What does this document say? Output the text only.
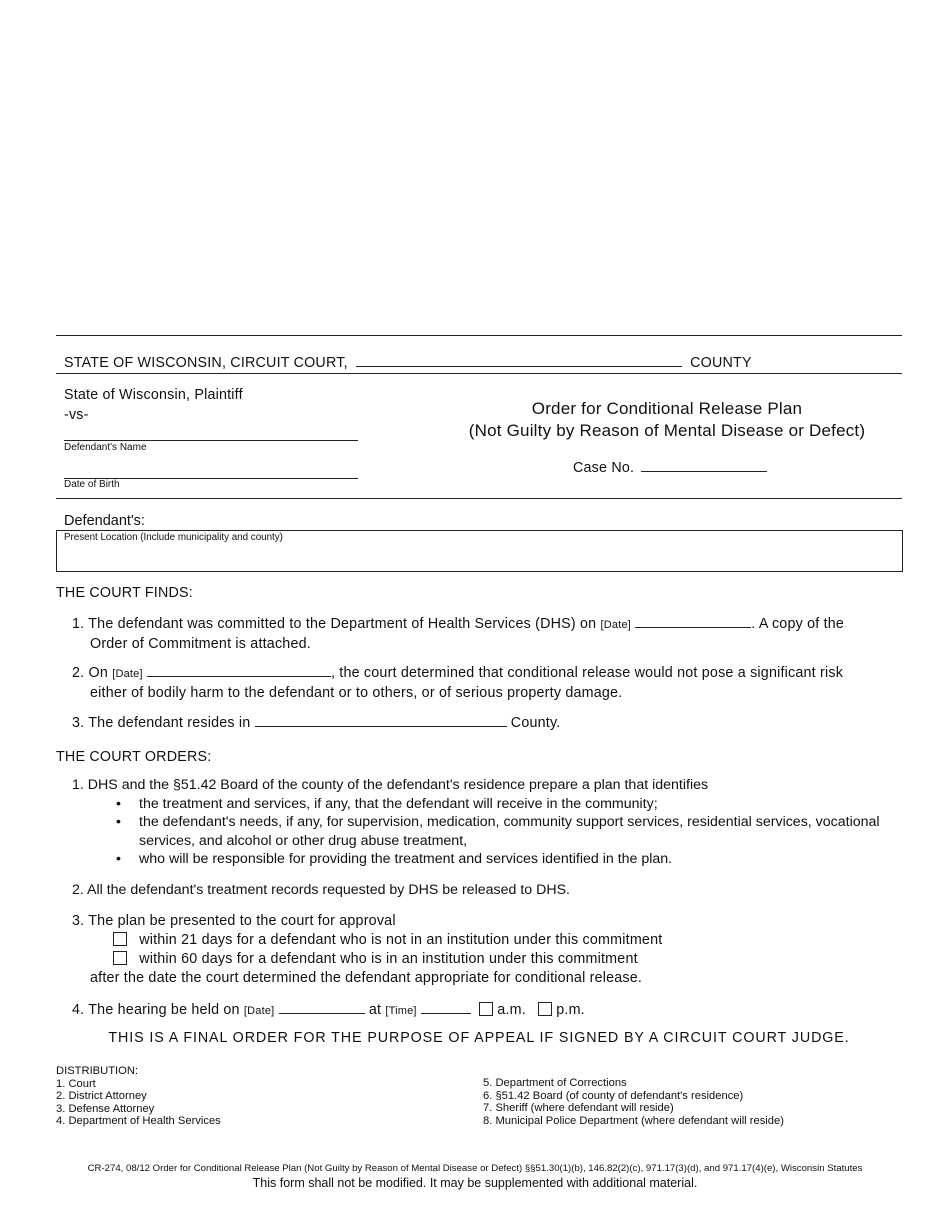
STATE OF WISCONSIN, CIRCUIT COURT,	COUNTY
State of Wisconsin, Plaintiff
-vs-
Defendant's Name
Date of Birth
Order for Conditional Release Plan
(Not Guilty by Reason of Mental Disease or Defect)
Case No.
Defendant's:
Present Location (Include municipality and county)
THE COURT FINDS:
1. The defendant was committed to the Department of Health Services (DHS) on [Date]	. A copy of the
Order of Commitment is attached.
2. On [Date]	, the court determined that conditional release would not pose a significant risk
either of bodily harm to the defendant or to others, or of serious property damage.
3. The defendant resides in	County.
THE COURT ORDERS:
1. DHS and the §51.42 Board of the county of the defendant's residence prepare a plan that identifies
• the treatment and services, if any, that the defendant will receive in the community;
• the defendant's needs, if any, for supervision, medication, community support services, residential services, vocational services, and alcohol or other drug abuse treatment,
• who will be responsible for providing the treatment and services identified in the plan.
2. All the defendant's treatment records requested by DHS be released to DHS.
3. The plan be presented to the court for approval
within 21 days for a defendant who is not in an institution under this commitment
within 60 days for a defendant who is in an institution under this commitment
after the date the court determined the defendant appropriate for conditional release.
4. The hearing be held on [Date]	at [Time]	a.m. p.m.
THIS IS A FINAL ORDER FOR THE PURPOSE OF APPEAL IF SIGNED BY A CIRCUIT COURT JUDGE.
DISTRIBUTION:
1. Court
2. District Attorney
3. Defense Attorney
4. Department of Health Services
5. Department of Corrections
6. §51.42 Board (of county of defendant's residence)
7. Sheriff (where defendant will reside)
8. Municipal Police Department (where defendant will reside)
CR-274, 08/12 Order for Conditional Release Plan (Not Guilty by Reason of Mental Disease or Defect) §§51.30(1)(b), 146.82(2)(c), 971.17(3)(d), and 971.17(4)(e), Wisconsin Statutes
This form shall not be modified. It may be supplemented with additional material.
